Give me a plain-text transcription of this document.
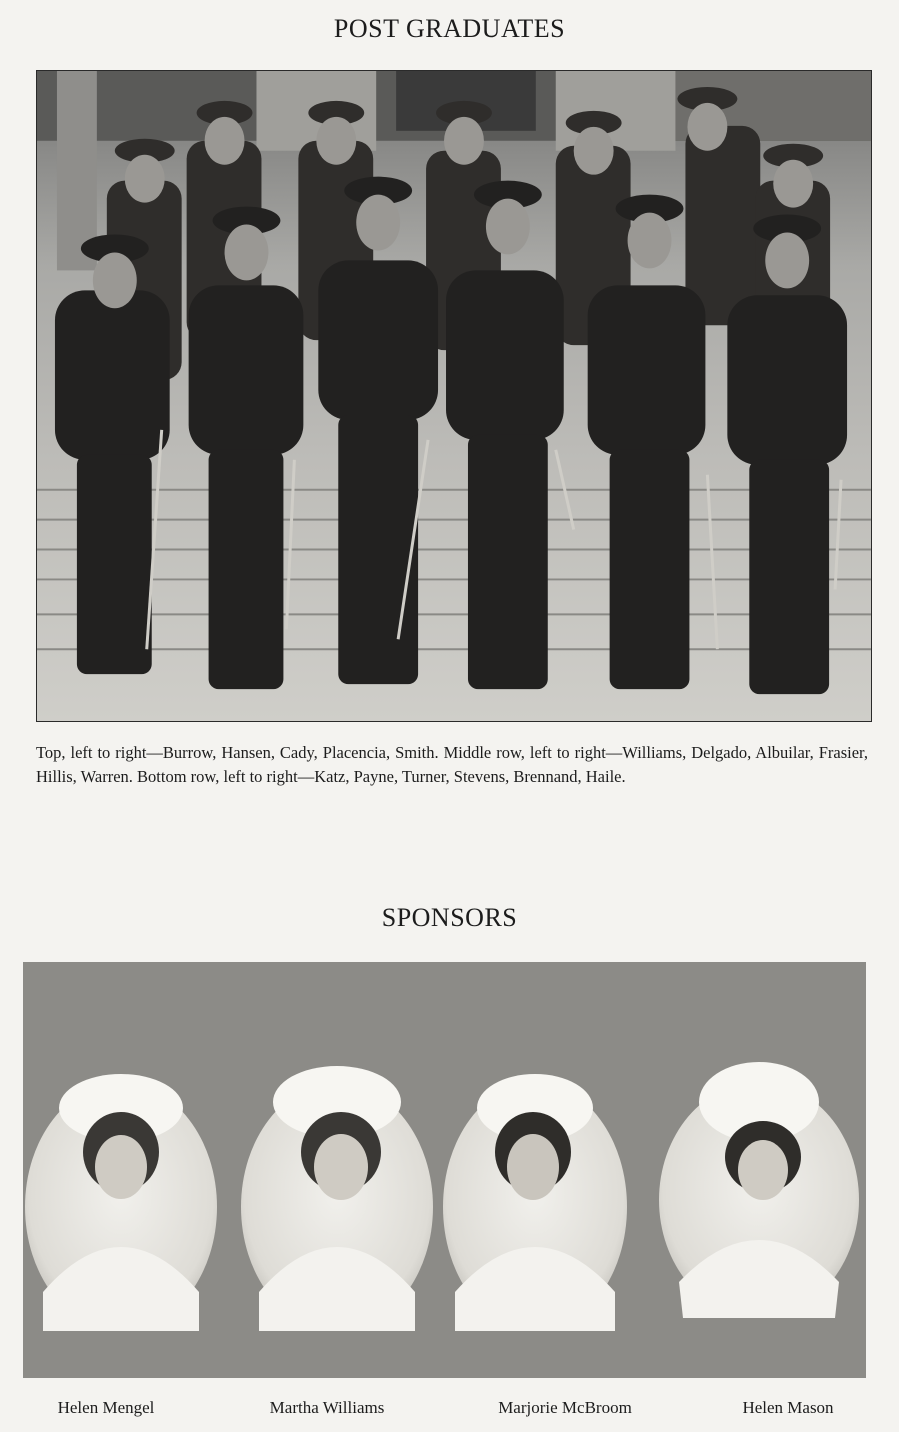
POST GRADUATES
Top, left to right—Burrow, Hansen, Cady, Placencia, Smith. Middle row, left to right—Williams, Delgado, Albuilar, Frasier, Hillis, Warren. Bottom row, left to right—Katz, Payne, Turner, Stevens, Brennand, Haile.
SPONSORS
Helen Mengel	Martha Williams	Marjorie McBroom	Helen Mason
